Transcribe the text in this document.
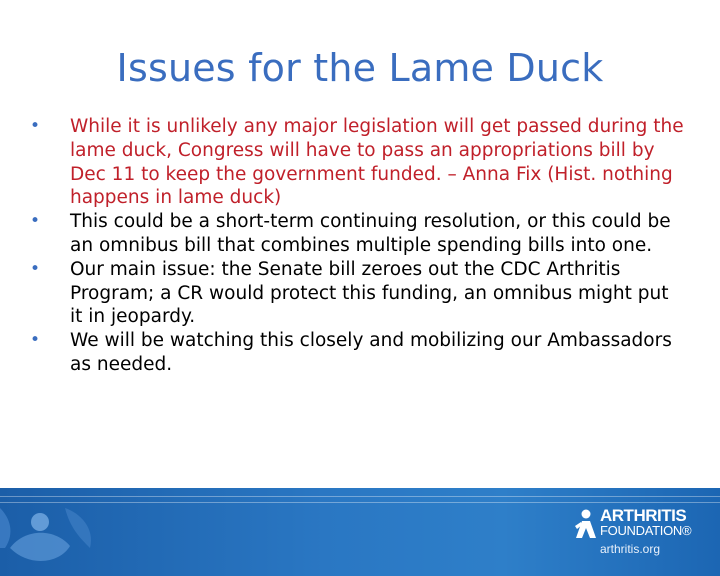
Issues for the Lame Duck
• While it is unlikely any major legislation will get passed during the lame duck, Congress will have to pass an appropriations bill by Dec 11 to keep the government funded. – Anna Fix (Hist. nothing happens in lame duck)
• This could be a short-term continuing resolution, or this could be an omnibus bill that combines multiple spending bills into one.
• Our main issue: the Senate bill zeroes out the CDC Arthritis Program; a CR would protect this funding, an omnibus might put it in jeopardy.
• We will be watching this closely and mobilizing our Ambassadors as needed.
ARTHRITIS
FOUNDATION®
arthritis.org
